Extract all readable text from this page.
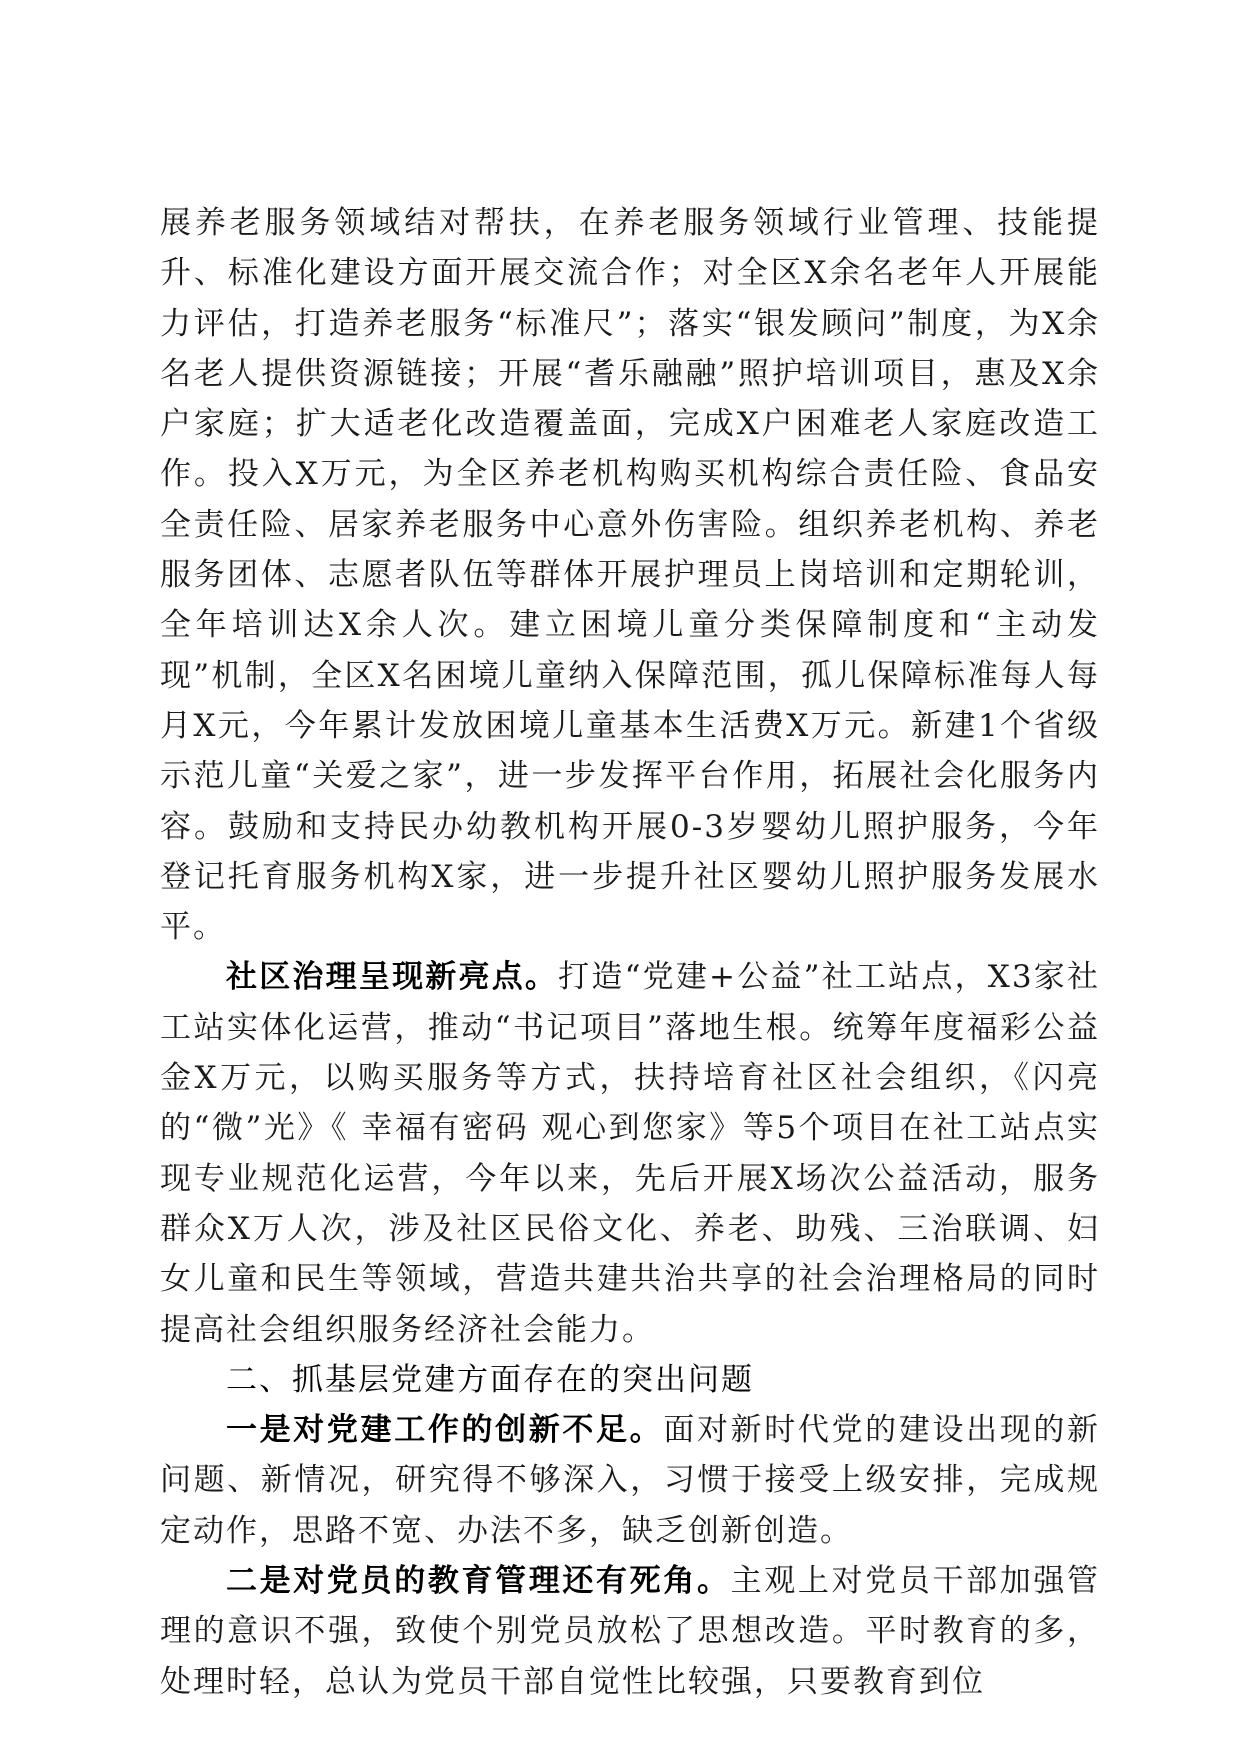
展养老服务领域结对帮扶，在养老服务领域行业管理、技能提升、标准化建设方面开展交流合作；对全区X余名老年人开展能力评估，打造养老服务“标准尺”；落实“银发顾问”制度，为X余名老人提供资源链接；开展“耆乐融融”照护培训项目，惠及X余户家庭；扩大适老化改造覆盖面，完成X户困难老人家庭改造工作。投入X万元，为全区养老机构购买机构综合责任险、食品安全责任险、居家养老服务中心意外伤害险。组织养老机构、养老服务团体、志愿者队伍等群体开展护理员上岗培训和定期轮训，全年培训达X余人次。建立困境儿童分类保障制度和“主动发现”机制，全区X名困境儿童纳入保障范围，孤儿保障标准每人每月X元，今年累计发放困境儿童基本生活费X万元。新建1个省级示范儿童“关爱之家”，进一步发挥平台作用，拓展社会化服务内容。鼓励和支持民办幼教机构开展0-3岁婴幼儿照护服务，今年登记托育服务机构X家，进一步提升社区婴幼儿照护服务发展水平。

社区治理呈现新亮点。打造“党建+公益”社工站点，X3家社工站实体化运营，推动“书记项目”落地生根。统筹年度福彩公益金X万元，以购买服务等方式，扶持培育社区社会组织，《闪亮的“微”光》《 幸福有密码 观心到您家》等5个项目在社工站点实现专业规范化运营，今年以来，先后开展X场次公益活动，服务群众X万人次，涉及社区民俗文化、养老、助残、三治联调、妇女儿童和民生等领域，营造共建共治共享的社会治理格局的同时提高社会组织服务经济社会能力。

二、抓基层党建方面存在的突出问题

一是对党建工作的创新不足。面对新时代党的建设出现的新问题、新情况，研究得不够深入，习惯于接受上级安排，完成规定动作，思路不宽、办法不多，缺乏创新创造。

二是对党员的教育管理还有死角。主观上对党员干部加强管理的意识不强，致使个别党员放松了思想改造。平时教育的多，处理时轻，总认为党员干部自觉性比较强，只要教育到位
